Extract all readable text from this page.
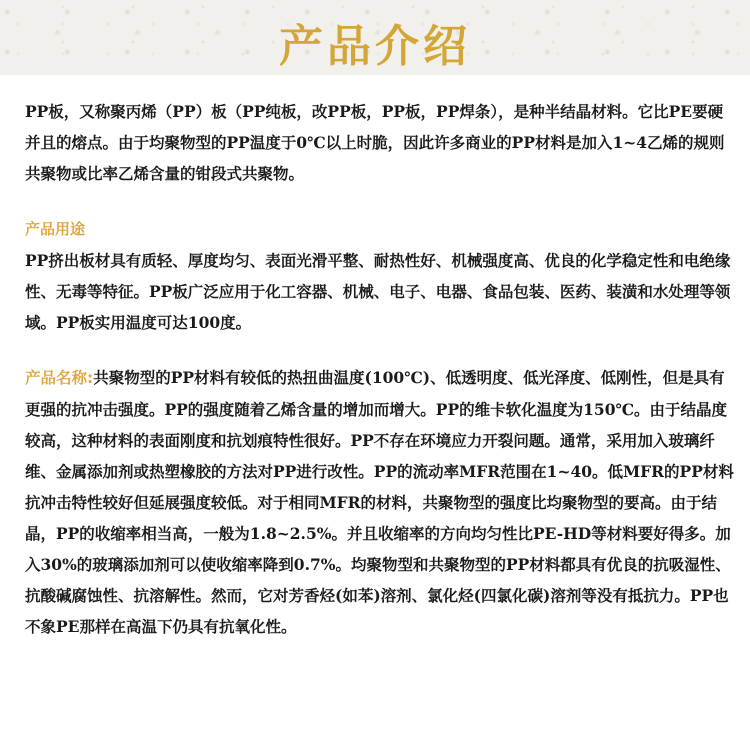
产品介绍

PP板，又称聚丙烯（PP）板（PP纯板，改PP板，PP板，PP焊条），是种半结晶材料。它比PE要硬并且的熔点。由于均聚物型的PP温度于0℃以上时脆，因此许多商业的PP材料是加入1~4乙烯的规则共聚物或比率乙烯含量的钳段式共聚物。

产品用途

PP挤出板材具有质轻、厚度均匀、表面光滑平整、耐热性好、机械强度高、优良的化学稳定性和电绝缘性、无毒等特征。PP板广泛应用于化工容器、机械、电子、电器、食品包装、医药、装潢和水处理等领域。PP板实用温度可达100度。

产品名称:共聚物型的PP材料有较低的热扭曲温度(100℃)、低透明度、低光泽度、低刚性，但是具有更强的抗冲击强度。PP的强度随着乙烯含量的增加而增大。PP的维卡软化温度为150℃。由于结晶度较高，这种材料的表面刚度和抗划痕特性很好。PP不存在环境应力开裂问题。通常，采用加入玻璃纤维、金属添加剂或热塑橡胶的方法对PP进行改性。PP的流动率MFR范围在1~40。低MFR的PP材料抗冲击特性较好但延展强度较低。对于相同MFR的材料，共聚物型的强度比均聚物型的要高。由于结晶，PP的收缩率相当高，一般为1.8~2.5%。并且收缩率的方向均匀性比PE-HD等材料要好得多。加入30%的玻璃添加剂可以使收缩率降到0.7%。均聚物型和共聚物型的PP材料都具有优良的抗吸湿性、抗酸碱腐蚀性、抗溶解性。然而，它对芳香烃(如苯)溶剂、氯化烃(四氯化碳)溶剂等没有抵抗力。PP也不象PE那样在高温下仍具有抗氧化性。
